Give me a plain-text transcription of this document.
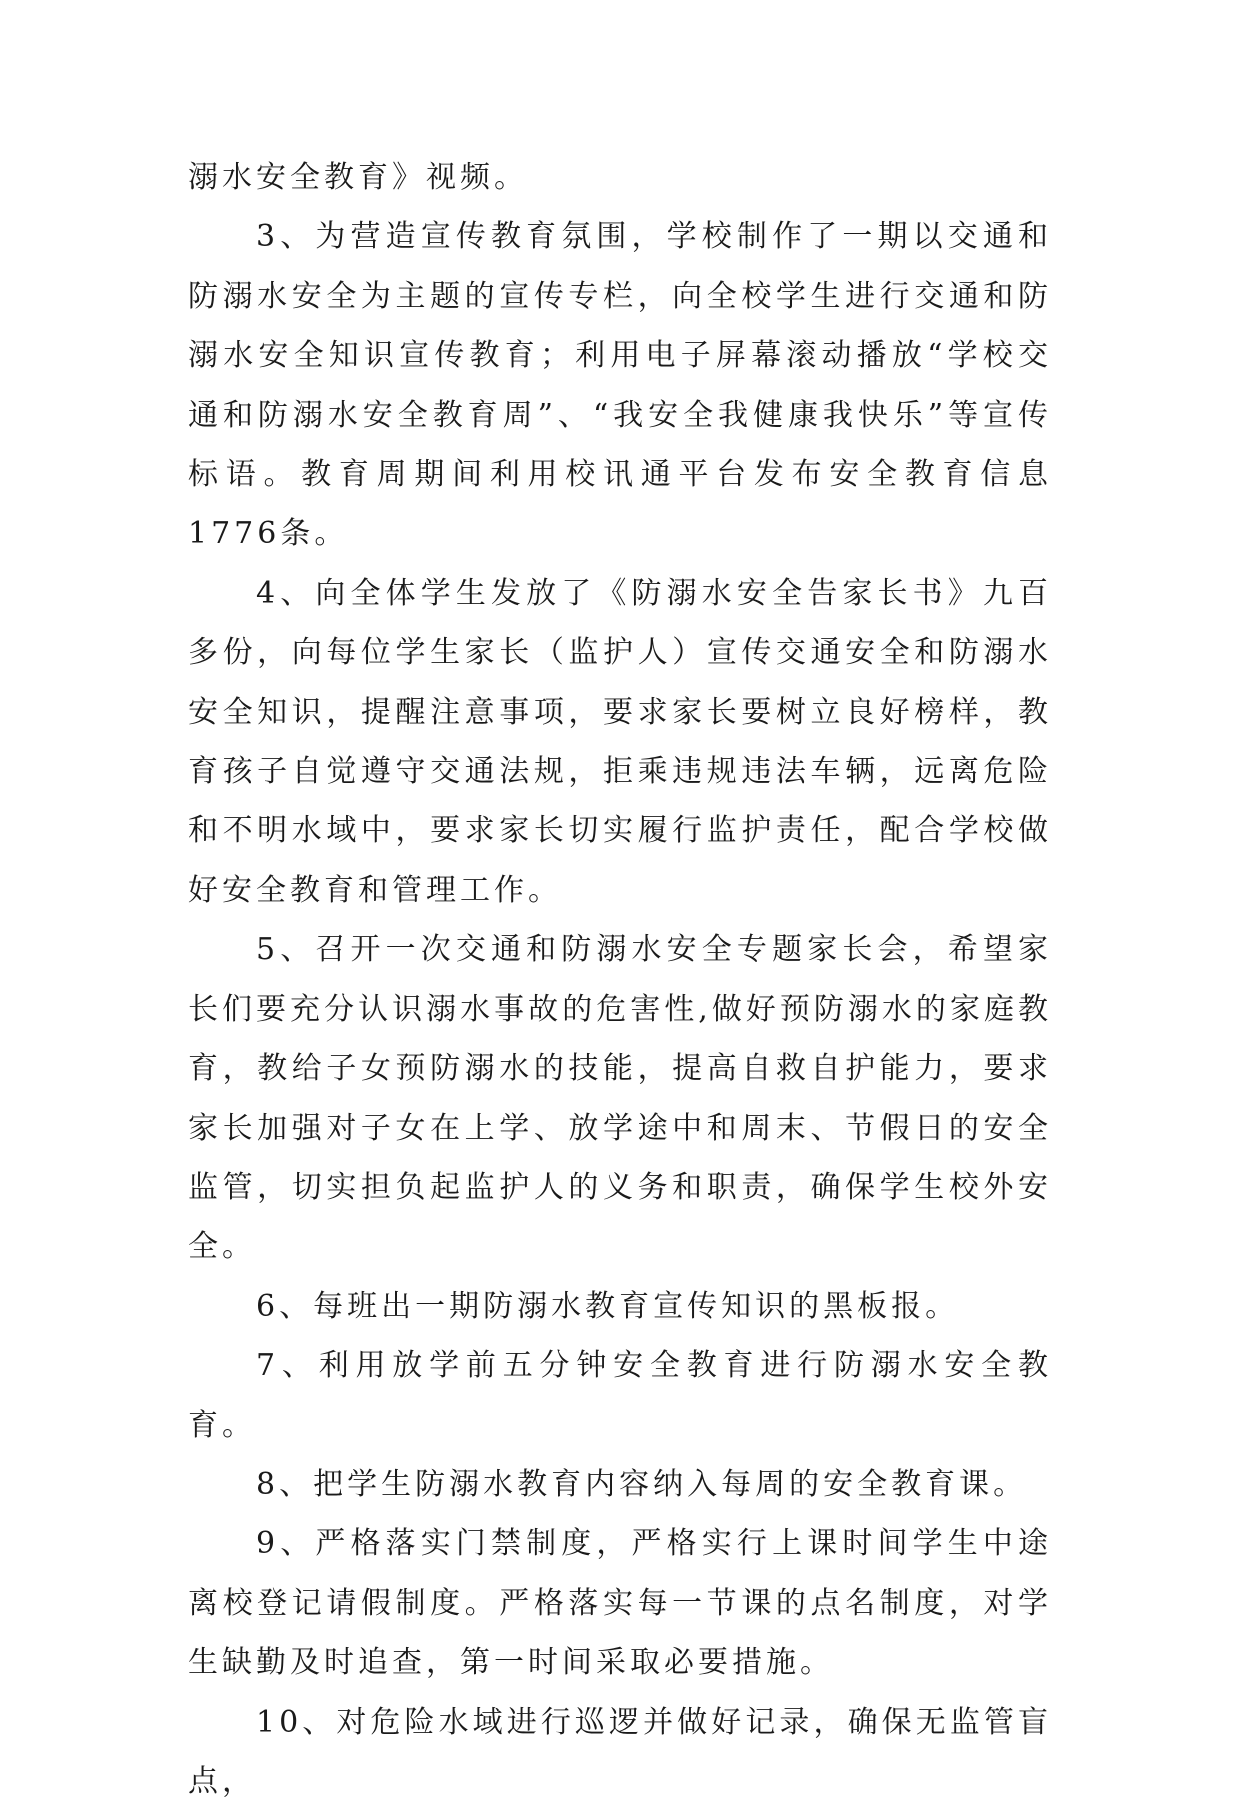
溺水安全教育》视频。

3、为营造宣传教育氛围，学校制作了一期以交通和防溺水安全为主题的宣传专栏，向全校学生进行交通和防溺水安全知识宣传教育；利用电子屏幕滚动播放“学校交通和防溺水安全教育周”、“我安全我健康我快乐”等宣传标语。教育周期间利用校讯通平台发布安全教育信息1776条。

4、向全体学生发放了《防溺水安全告家长书》九百多份，向每位学生家长（监护人）宣传交通安全和防溺水安全知识，提醒注意事项，要求家长要树立良好榜样，教育孩子自觉遵守交通法规，拒乘违规违法车辆，远离危险和不明水域中，要求家长切实履行监护责任，配合学校做好安全教育和管理工作。

5、召开一次交通和防溺水安全专题家长会，希望家长们要充分认识溺水事故的危害性,做好预防溺水的家庭教育，教给子女预防溺水的技能，提高自救自护能力，要求家长加强对子女在上学、放学途中和周末、节假日的安全监管，切实担负起监护人的义务和职责，确保学生校外安全。

6、每班出一期防溺水教育宣传知识的黑板报。

7、利用放学前五分钟安全教育进行防溺水安全教育。

8、把学生防溺水教育内容纳入每周的安全教育课。

9、严格落实门禁制度，严格实行上课时间学生中途离校登记请假制度。严格落实每一节课的点名制度，对学生缺勤及时追查，第一时间采取必要措施。

10、对危险水域进行巡逻并做好记录，确保无监管盲点，
